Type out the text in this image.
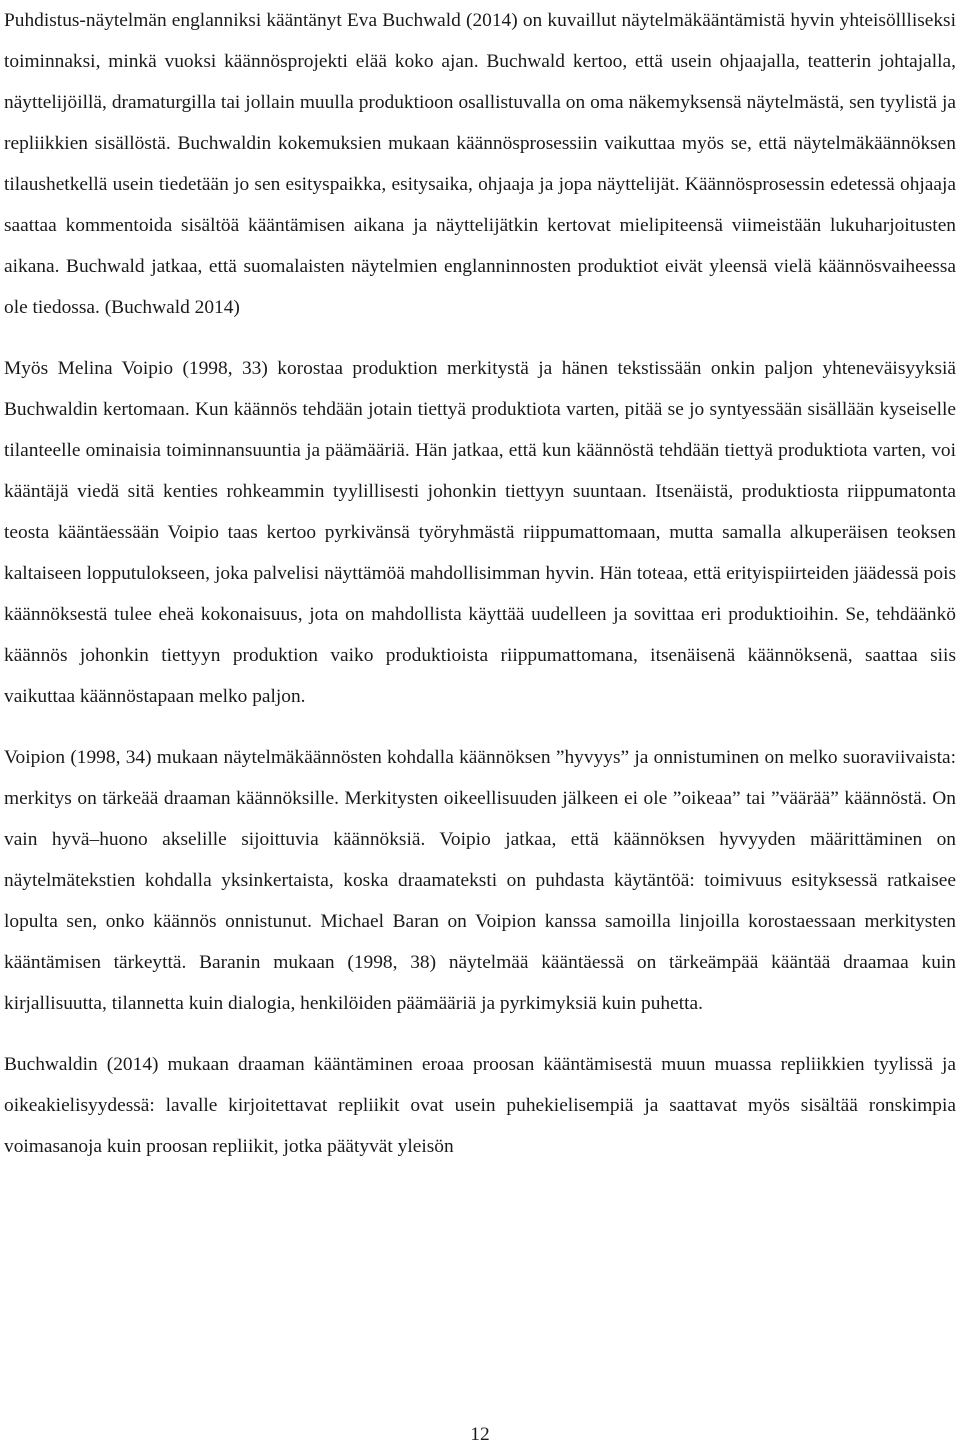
Puhdistus-näytelmän englanniksi kääntänyt Eva Buchwald (2014) on kuvaillut näytelmäkääntämistä hyvin yhteisöllliseksi toiminnaksi, minkä vuoksi käännösprojekti elää koko ajan. Buchwald kertoo, että usein ohjaajalla, teatterin johtajalla, näyttelijöillä, dramaturgilla tai jollain muulla produktioon osallistuvalla on oma näkemyksensä näytelmästä, sen tyylistä ja repliikkien sisällöstä. Buchwaldin kokemuksien mukaan käännösprosessiin vaikuttaa myös se, että näytelmäkäännöksen tilaushetkellä usein tiedetään jo sen esityspaikka, esitysaika, ohjaaja ja jopa näyttelijät. Käännösprosessin edetessä ohjaaja saattaa kommentoida sisältöä kääntämisen aikana ja näyttelijätkin kertovat mielipiteensä viimeistään lukuharjoitusten aikana. Buchwald jatkaa, että suomalaisten näytelmien englanninnosten produktiot eivät yleensä vielä käännösvaiheessa ole tiedossa. (Buchwald 2014)

Myös Melina Voipio (1998, 33) korostaa produktion merkitystä ja hänen tekstissään onkin paljon yhteneväisyyksiä Buchwaldin kertomaan. Kun käännös tehdään jotain tiettyä produktiota varten, pitää se jo syntyessään sisällään kyseiselle tilanteelle ominaisia toiminnansuuntia ja päämääriä. Hän jatkaa, että kun käännöstä tehdään tiettyä produktiota varten, voi kääntäjä viedä sitä kenties rohkeammin tyylillisesti johonkin tiettyyn suuntaan. Itsenäistä, produktiosta riippumatonta teosta kääntäessään Voipio taas kertoo pyrkivänsä työryhmästä riippumattomaan, mutta samalla alkuperäisen teoksen kaltaiseen lopputulokseen, joka palvelisi näyttämöä mahdollisimman hyvin. Hän toteaa, että erityispiirteiden jäädessä pois käännöksestä tulee eheä kokonaisuus, jota on mahdollista käyttää uudelleen ja sovittaa eri produktioihin. Se, tehdäänkö käännös johonkin tiettyyn produktion vaiko produktioista riippumattomana, itsenäisenä käännöksenä, saattaa siis vaikuttaa käännöstapaan melko paljon.

Voipion (1998, 34) mukaan näytelmäkäännösten kohdalla käännöksen ”hyvyys” ja onnistuminen on melko suoraviivaista: merkitys on tärkeää draaman käännöksille. Merkitysten oikeellisuuden jälkeen ei ole ”oikeaa” tai ”väärää” käännöstä. On vain hyvä–huono akselille sijoittuvia käännöksiä. Voipio jatkaa, että käännöksen hyvyyden määrittäminen on näytelmätekstien kohdalla yksinkertaista, koska draamateksti on puhdasta käytäntöä: toimivuus esityksessä ratkaisee lopulta sen, onko käännös onnistunut. Michael Baran on Voipion kanssa samoilla linjoilla korostaessaan merkitysten kääntämisen tärkeyttä. Baranin mukaan (1998, 38) näytelmää kääntäessä on tärkeämpää kääntää draamaa kuin kirjallisuutta, tilannetta kuin dialogia, henkilöiden päämääriä ja pyrkimyksiä kuin puhetta.

Buchwaldin (2014) mukaan draaman kääntäminen eroaa proosan kääntämisestä muun muassa repliikkien tyylissä ja oikeakielisyydessä: lavalle kirjoitettavat repliikit ovat usein puhekielisempiä ja saattavat myös sisältää ronskimpia voimasanoja kuin proosan repliikit, jotka päätyvät yleisön

12
